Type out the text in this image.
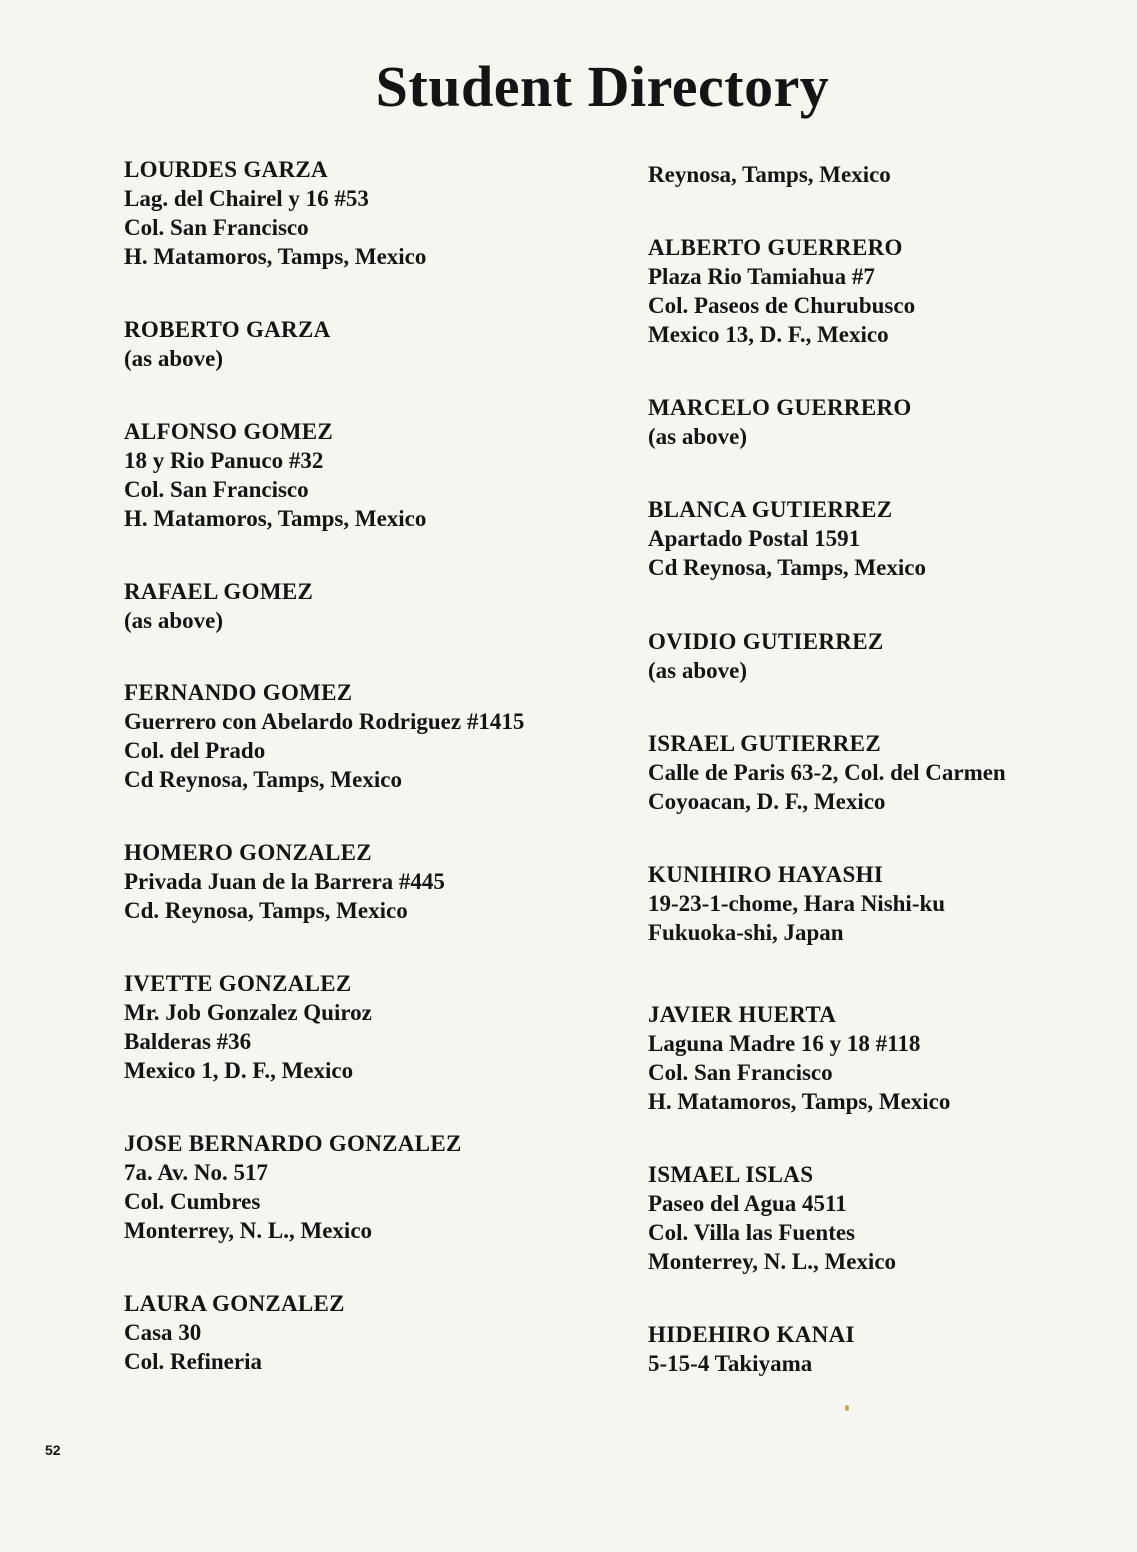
Student Directory
LOURDES GARZA
Lag. del Chairel y 16 #53
Col. San Francisco
H. Matamoros, Tamps, Mexico
ROBERTO GARZA
(as above)
ALFONSO GOMEZ
18 y Rio Panuco #32
Col. San Francisco
H. Matamoros, Tamps, Mexico
RAFAEL GOMEZ
(as above)
FERNANDO GOMEZ
Guerrero con Abelardo Rodriguez #1415
Col. del Prado
Cd Reynosa, Tamps, Mexico
HOMERO GONZALEZ
Privada Juan de la Barrera #445
Cd. Reynosa, Tamps, Mexico
IVETTE GONZALEZ
Mr. Job Gonzalez Quiroz
Balderas #36
Mexico 1, D. F., Mexico
JOSE BERNARDO GONZALEZ
7a. Av. No. 517
Col. Cumbres
Monterrey, N. L., Mexico
LAURA GONZALEZ
Casa 30
Col. Refineria
Reynosa, Tamps, Mexico
ALBERTO GUERRERO
Plaza Rio Tamiahua #7
Col. Paseos de Churubusco
Mexico 13, D. F., Mexico
MARCELO GUERRERO
(as above)
BLANCA GUTIERREZ
Apartado Postal 1591
Cd Reynosa, Tamps, Mexico
OVIDIO GUTIERREZ
(as above)
ISRAEL GUTIERREZ
Calle de Paris 63-2, Col. del Carmen
Coyoacan, D. F., Mexico
KUNIHIRO HAYASHI
19-23-1-chome, Hara Nishi-ku
Fukuoka-shi, Japan
JAVIER HUERTA
Laguna Madre 16 y 18 #118
Col. San Francisco
H. Matamoros, Tamps, Mexico
ISMAEL ISLAS
Paseo del Agua 4511
Col. Villa las Fuentes
Monterrey, N. L., Mexico
HIDEHIRO KANAI
5-15-4 Takiyama
52
